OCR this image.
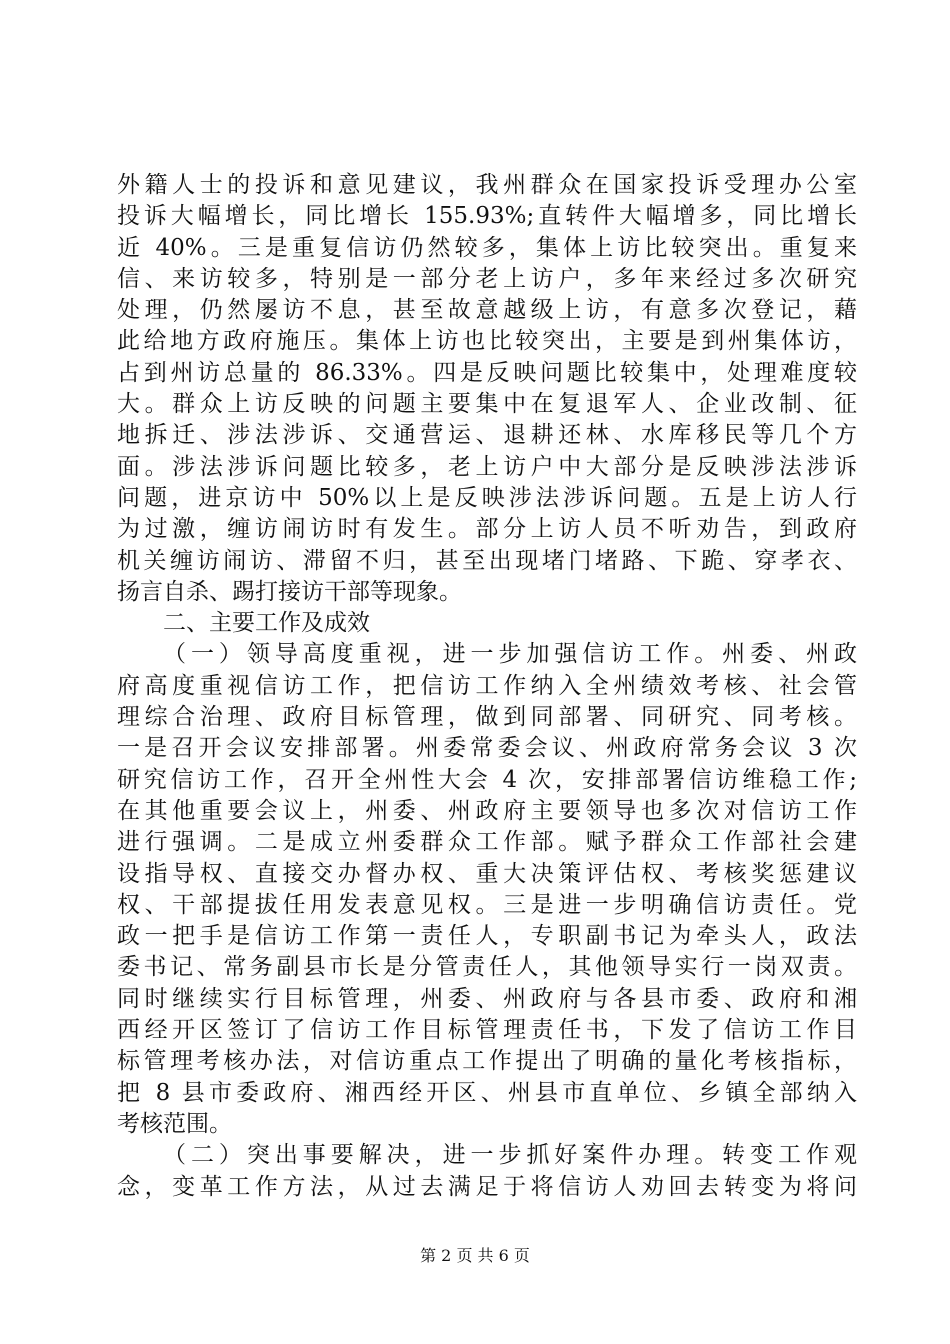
外籍人士的投诉和意见建议，我州群众在国家投诉受理办公室
投诉大幅增长，同比增长 155.93%;直转件大幅增多，同比增长
近 40%。三是重复信访仍然较多，集体上访比较突出。重复来
信、来访较多，特别是一部分老上访户，多年来经过多次研究
处理，仍然屡访不息，甚至故意越级上访，有意多次登记，藉
此给地方政府施压。集体上访也比较突出，主要是到州集体访，
占到州访总量的 86.33%。四是反映问题比较集中，处理难度较
大。群众上访反映的问题主要集中在复退军人、企业改制、征
地拆迁、涉法涉诉、交通营运、退耕还林、水库移民等几个方
面。涉法涉诉问题比较多，老上访户中大部分是反映涉法涉诉
问题，进京访中 50%以上是反映涉法涉诉问题。五是上访人行
为过激，缠访闹访时有发生。部分上访人员不听劝告，到政府
机关缠访闹访、滞留不归，甚至出现堵门堵路、下跪、穿孝衣、
扬言自杀、踢打接访干部等现象。
二、主要工作及成效
（一）领导高度重视，进一步加强信访工作。州委、州政
府高度重视信访工作，把信访工作纳入全州绩效考核、社会管
理综合治理、政府目标管理，做到同部署、同研究、同考核。
一是召开会议安排部署。州委常委会议、州政府常务会议 3 次
研究信访工作，召开全州性大会 4 次，安排部署信访维稳工作;
在其他重要会议上，州委、州政府主要领导也多次对信访工作
进行强调。二是成立州委群众工作部。赋予群众工作部社会建
设指导权、直接交办督办权、重大决策评估权、考核奖惩建议
权、干部提拔任用发表意见权。三是进一步明确信访责任。党
政一把手是信访工作第一责任人，专职副书记为牵头人，政法
委书记、常务副县市长是分管责任人，其他领导实行一岗双责。
同时继续实行目标管理，州委、州政府与各县市委、政府和湘
西经开区签订了信访工作目标管理责任书，下发了信访工作目
标管理考核办法，对信访重点工作提出了明确的量化考核指标，
把 8 县市委政府、湘西经开区、州县市直单位、乡镇全部纳入
考核范围。
（二）突出事要解决，进一步抓好案件办理。转变工作观
念，变革工作方法，从过去满足于将信访人劝回去转变为将问
第 2 页 共 6 页
